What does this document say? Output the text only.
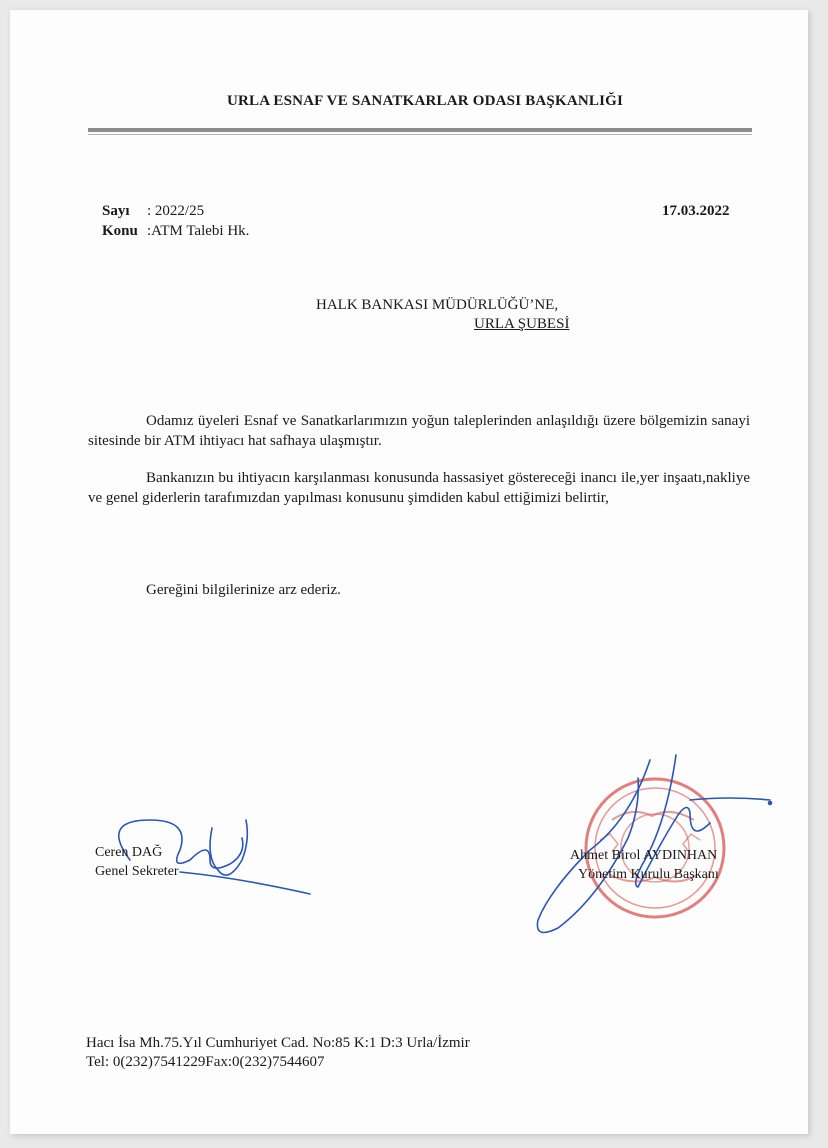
URLA ESNAF VE SANATKARLAR ODASI BAŞKANLIĞI
Sayı : 2022/25
Konu :ATM Talebi Hk.
17.03.2022
HALK BANKASI MÜDÜRLÜĞÜ’NE,
URLA ŞUBESİ
Odamız üyeleri Esnaf ve Sanatkarlarımızın yoğun taleplerinden anlaşıldığı üzere bölgemizin sanayi sitesinde bir ATM ihtiyacı hat safhaya ulaşmıştır.
Bankanızın bu ihtiyacın karşılanması konusunda hassasiyet göstereceği inancı ile,yer inşaatı,nakliye ve genel giderlerin tarafımızdan yapılması konusunu şimdiden kabul ettiğimizi belirtir,
Gereğini bilgilerinize arz ederiz.
Ceren DAĞ
Genel Sekreter
Ahmet Birol AYDINHAN
Yönetim Kurulu Başkanı
Hacı İsa Mh.75.Yıl Cumhuriyet Cad. No:85 K:1 D:3 Urla/İzmir
Tel: 0(232)7541229Fax:0(232)7544607
